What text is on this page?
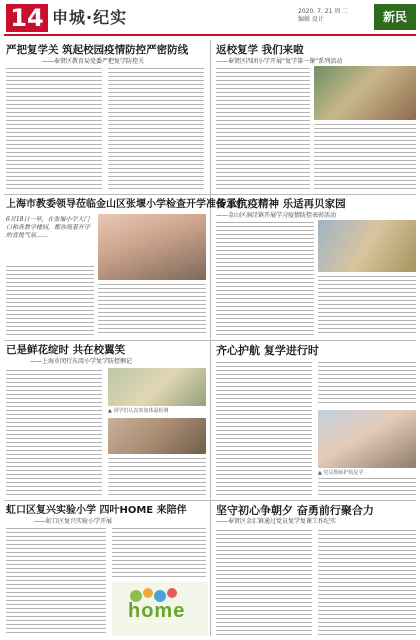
14 申城·纪实	2020. 7. 21 周 二
编辑 设计	新民
严把复学关 筑起校园疫情防控严密防线
——奉贤区教育局党委严把复学防控关
返校复学 我们来啦
——奉贤区四团小学开展“复学第一课”系列活动
上海市教委领导莅临金山区张堰小学检查开学准备工作
6月18日一早，在张堰小学大门口和各教学楼间，都弥漫着开学的喜悦气氛……
传承抗疫精神 乐适再贝家园
——金山区洞泾镇开展学习疫情防控表彰活动
已是鲜花绽时 共在校翼笑
——上海市闵行东湾小学复学防控侧记
▲ 同学们认真参加体温检测
齐心护航 复学进行时
▲ 党员教师护航复学
虹口区复兴实验小学 四叶HOME 来陪伴
——虹口区复兴实验小学开展
home
坚守初心争朝夕 奋勇前行聚合力
——奉贤区金汇镇通过党员复学复课工作纪实
